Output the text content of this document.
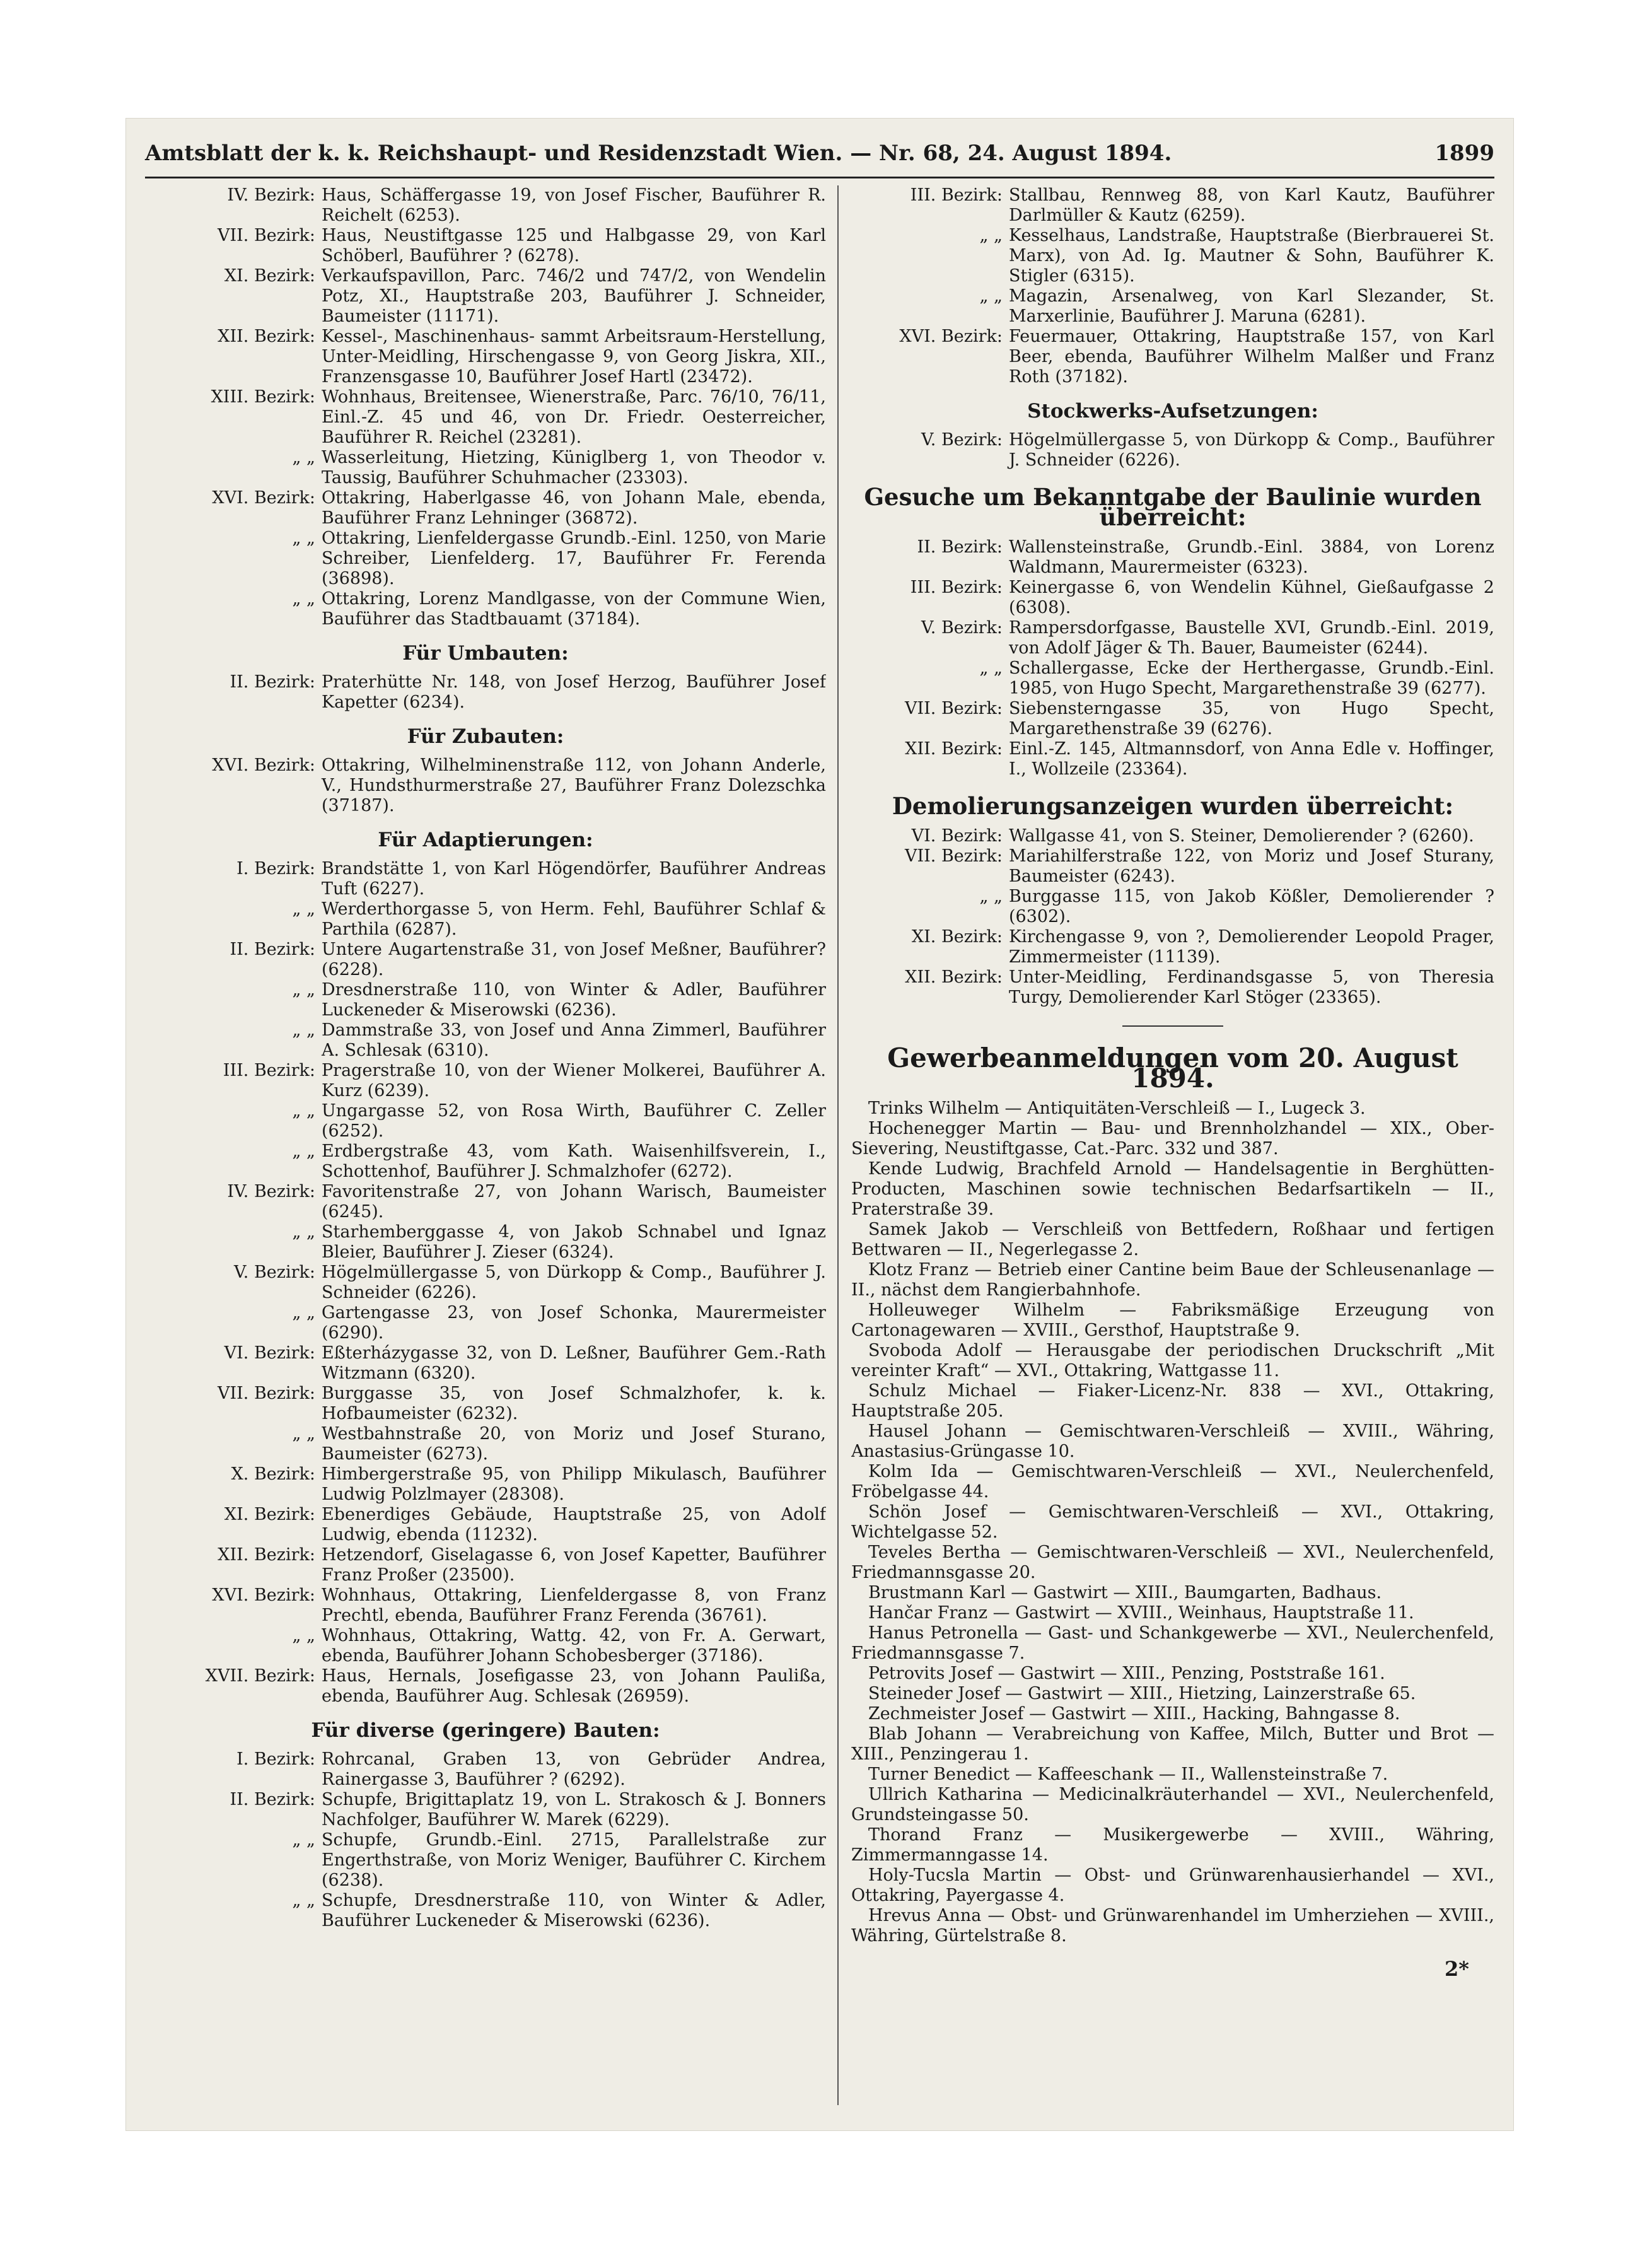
Amtsblatt der k. k. Reichshaupt- und Residenzstadt Wien. — Nr. 68, 24. August 1894.	1899
IV. Bezirk: Haus, Schäffergasse 19, von Josef Fischer, Bauführer R. Reichelt (6253).
VII. Bezirk: Haus, Neustiftgasse 125 und Halbgasse 29, von Karl Schöberl, Bauführer ? (6278).
XI. Bezirk: Verkaufspavillon, Parc. 746/2 und 747/2, von Wendelin Potz, XI., Hauptstraße 203, Bauführer J. Schneider, Baumeister (11171).
XII. Bezirk: Kessel-, Maschinenhaus- sammt Arbeitsraum-Herstellung, Unter-Meidling, Hirschengasse 9, von Georg Jiskra, XII., Franzensgasse 10, Bauführer Josef Hartl (23472).
XIII. Bezirk: Wohnhaus, Breitensee, Wienerstraße, Parc. 76/10, 76/11, Einl.-Z. 45 und 46, von Dr. Friedr. Oesterreicher, Bauführer R. Reichel (23281).
„ „ Wasserleitung, Hietzing, Küniglberg 1, von Theodor v. Taussig, Bauführer Schuhmacher (23303).
XVI. Bezirk: Ottakring, Haberlgasse 46, von Johann Male, ebenda, Bauführer Franz Lehninger (36872).
„ „ Ottakring, Lienfeldergasse Grundb.-Einl. 1250, von Marie Schreiber, Lienfelderg. 17, Bauführer Fr. Ferenda (36898).
„ „ Ottakring, Lorenz Mandlgasse, von der Commune Wien, Bauführer das Stadtbauamt (37184).
Für Umbauten:
II. Bezirk: Praterhütte Nr. 148, von Josef Herzog, Bauführer Josef Kapetter (6234).
Für Zubauten:
XVI. Bezirk: Ottakring, Wilhelminenstraße 112, von Johann Anderle, V., Hundsthurmerstraße 27, Bauführer Franz Dolezschka (37187).
Für Adaptierungen:
I. Bezirk: Brandstätte 1, von Karl Högendörfer, Bauführer Andreas Tuft (6227).
„ „ Werderthorgasse 5, von Herm. Fehl, Bauführer Schlaf & Parthila (6287).
II. Bezirk: Untere Augartenstraße 31, von Josef Meßner, Bauführer? (6228).
„ „ Dresdnerstraße 110, von Winter & Adler, Bauführer Luckeneder & Miserowski (6236).
„ „ Dammstraße 33, von Josef und Anna Zimmerl, Bauführer A. Schlesak (6310).
III. Bezirk: Pragerstraße 10, von der Wiener Molkerei, Bauführer A. Kurz (6239).
„ „ Ungargasse 52, von Rosa Wirth, Bauführer C. Zeller (6252).
„ „ Erdbergstraße 43, vom Kath. Waisenhilfsverein, I., Schottenhof, Bauführer J. Schmalzhofer (6272).
IV. Bezirk: Favoritenstraße 27, von Johann Warisch, Baumeister (6245).
„ „ Starhemberggasse 4, von Jakob Schnabel und Ignaz Bleier, Bauführer J. Zieser (6324).
V. Bezirk: Högelmüllergasse 5, von Dürkopp & Comp., Bauführer J. Schneider (6226).
„ „ Gartengasse 23, von Josef Schonka, Maurermeister (6290).
VI. Bezirk: Eßterházygasse 32, von D. Leßner, Bauführer Gem.-Rath Witzmann (6320).
VII. Bezirk: Burggasse 35, von Josef Schmalzhofer, k. k. Hofbaumeister (6232).
„ „ Westbahnstraße 20, von Moriz und Josef Sturano, Baumeister (6273).
X. Bezirk: Himbergerstraße 95, von Philipp Mikulasch, Bauführer Ludwig Polzlmayer (28308).
XI. Bezirk: Ebenerdiges Gebäude, Hauptstraße 25, von Adolf Ludwig, ebenda (11232).
XII. Bezirk: Hetzendorf, Giselagasse 6, von Josef Kapetter, Bauführer Franz Proßer (23500).
XVI. Bezirk: Wohnhaus, Ottakring, Lienfeldergasse 8, von Franz Prechtl, ebenda, Bauführer Franz Ferenda (36761).
„ „ Wohnhaus, Ottakring, Wattg. 42, von Fr. A. Gerwart, ebenda, Bauführer Johann Schobesberger (37186).
XVII. Bezirk: Haus, Hernals, Josefigasse 23, von Johann Paulißa, ebenda, Bauführer Aug. Schlesak (26959).
Für diverse (geringere) Bauten:
I. Bezirk: Rohrcanal, Graben 13, von Gebrüder Andrea, Rainergasse 3, Bauführer ? (6292).
II. Bezirk: Schupfe, Brigittaplatz 19, von L. Strakosch & J. Bonners Nachfolger, Bauführer W. Marek (6229).
„ „ Schupfe, Grundb.-Einl. 2715, Parallelstraße zur Engerthstraße, von Moriz Weniger, Bauführer C. Kirchem (6238).
„ „ Schupfe, Dresdnerstraße 110, von Winter & Adler, Bauführer Luckeneder & Miserowski (6236).
III. Bezirk: Stallbau, Rennweg 88, von Karl Kautz, Bauführer Darlmüller & Kautz (6259).
„ „ Kesselhaus, Landstraße, Hauptstraße (Bierbrauerei St. Marx), von Ad. Ig. Mautner & Sohn, Bauführer K. Stigler (6315).
„ „ Magazin, Arsenalweg, von Karl Slezander, St. Marxerlinie, Bauführer J. Maruna (6281).
XVI. Bezirk: Feuermauer, Ottakring, Hauptstraße 157, von Karl Beer, ebenda, Bauführer Wilhelm Malßer und Franz Roth (37182).
Stockwerks-Aufsetzungen:
V. Bezirk: Högelmüllergasse 5, von Dürkopp & Comp., Bauführer J. Schneider (6226).
Gesuche um Bekanntgabe der Baulinie wurden überreicht:
II. Bezirk: Wallensteinstraße, Grundb.-Einl. 3884, von Lorenz Waldmann, Maurermeister (6323).
III. Bezirk: Keinergasse 6, von Wendelin Kühnel, Gießaufgasse 2 (6308).
V. Bezirk: Rampersdorfgasse, Baustelle XVI, Grundb.-Einl. 2019, von Adolf Jäger & Th. Bauer, Baumeister (6244).
„ „ Schallergasse, Ecke der Herthergasse, Grundb.-Einl. 1985, von Hugo Specht, Margarethenstraße 39 (6277).
VII. Bezirk: Siebensterngasse 35, von Hugo Specht, Margarethenstraße 39 (6276).
XII. Bezirk: Einl.-Z. 145, Altmannsdorf, von Anna Edle v. Hoffinger, I., Wollzeile (23364).
Demolierungsanzeigen wurden überreicht:
VI. Bezirk: Wallgasse 41, von S. Steiner, Demolierender ? (6260).
VII. Bezirk: Mariahilferstraße 122, von Moriz und Josef Sturany, Baumeister (6243).
„ „ Burggasse 115, von Jakob Kößler, Demolierender ? (6302).
XI. Bezirk: Kirchengasse 9, von ?, Demolierender Leopold Prager, Zimmermeister (11139).
XII. Bezirk: Unter-Meidling, Ferdinandsgasse 5, von Theresia Turgy, Demolierender Karl Stöger (23365).
Gewerbeanmeldungen vom 20. August 1894.
Trinks Wilhelm — Antiquitäten-Verschleiß — I., Lugeck 3.
Hochenegger Martin — Bau- und Brennholzhandel — XIX., Ober-Sievering, Neustiftgasse, Cat.-Parc. 332 und 387.
Kende Ludwig, Brachfeld Arnold — Handelsagentie in Berghütten-Producten, Maschinen sowie technischen Bedarfsartikeln — II., Praterstraße 39.
Samek Jakob — Verschleiß von Bettfedern, Roßhaar und fertigen Bettwaren — II., Negerlegasse 2.
Klotz Franz — Betrieb einer Cantine beim Baue der Schleusenanlage — II., nächst dem Rangierbahnhofe.
Holleuweger Wilhelm — Fabriksmäßige Erzeugung von Cartonagewaren — XVIII., Gersthof, Hauptstraße 9.
Svoboda Adolf — Herausgabe der periodischen Druckschrift „Mit vereinter Kraft“ — XVI., Ottakring, Wattgasse 11.
Schulz Michael — Fiaker-Licenz-Nr. 838 — XVI., Ottakring, Hauptstraße 205.
Hausel Johann — Gemischtwaren-Verschleiß — XVIII., Währing, Anastasius-Grüngasse 10.
Kolm Ida — Gemischtwaren-Verschleiß — XVI., Neulerchenfeld, Fröbelgasse 44.
Schön Josef — Gemischtwaren-Verschleiß — XVI., Ottakring, Wichtelgasse 52.
Teveles Bertha — Gemischtwaren-Verschleiß — XVI., Neulerchenfeld, Friedmannsgasse 20.
Brustmann Karl — Gastwirt — XIII., Baumgarten, Badhaus.
Hančar Franz — Gastwirt — XVIII., Weinhaus, Hauptstraße 11.
Hanus Petronella — Gast- und Schankgewerbe — XVI., Neulerchenfeld, Friedmannsgasse 7.
Petrovits Josef — Gastwirt — XIII., Penzing, Poststraße 161.
Steineder Josef — Gastwirt — XIII., Hietzing, Lainzerstraße 65.
Zechmeister Josef — Gastwirt — XIII., Hacking, Bahngasse 8.
Blab Johann — Verabreichung von Kaffee, Milch, Butter und Brot — XIII., Penzingerau 1.
Turner Benedict — Kaffeeschank — II., Wallensteinstraße 7.
Ullrich Katharina — Medicinalkräuterhandel — XVI., Neulerchenfeld, Grundsteingasse 50.
Thorand Franz — Musikergewerbe — XVIII., Währing, Zimmermanngasse 14.
Holy-Tucsla Martin — Obst- und Grünwarenhausierhandel — XVI., Ottakring, Payergasse 4.
Hrevus Anna — Obst- und Grünwarenhandel im Umherziehen — XVIII., Währing, Gürtelstraße 8.
2*
